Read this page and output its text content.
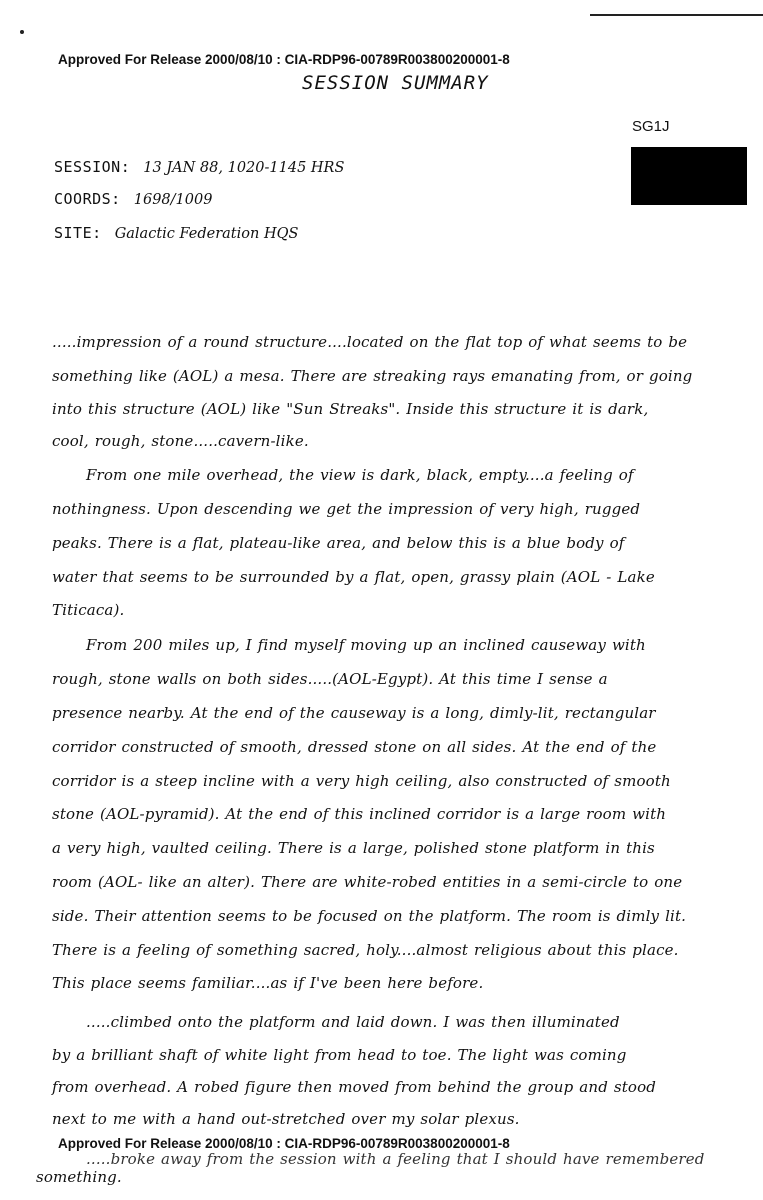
Approved For Release 2000/08/10 : CIA-RDP96-00789R003800200001-8
SESSION SUMMARY
SG1J
SESSION: 13 JAN 88, 1020-1145 HRS
COORDS: 1698/1009
SITE: Galactic Federation HQS
.....impression of a round structure....located on the flat top of what seems to be
something like (AOL) a mesa. There are streaking rays emanating from, or going
into this structure (AOL) like "Sun Streaks". Inside this structure it is dark,
cool, rough, stone.....cavern-like.
From one mile overhead, the view is dark, black, empty....a feeling of
nothingness. Upon descending we get the impression of very high, rugged
peaks. There is a flat, plateau-like area, and below this is a blue body of
water that seems to be surrounded by a flat, open, grassy plain (AOL - Lake
Titicaca).
From 200 miles up, I find myself moving up an inclined causeway with
rough, stone walls on both sides.....(AOL-Egypt). At this time I sense a
presence nearby. At the end of the causeway is a long, dimly-lit, rectangular
corridor constructed of smooth, dressed stone on all sides. At the end of the
corridor is a steep incline with a very high ceiling, also constructed of smooth
stone (AOL-pyramid). At the end of this inclined corridor is a large room with
a very high, vaulted ceiling. There is a large, polished stone platform in this
room (AOL- like an alter). There are white-robed entities in a semi-circle to one
side. Their attention seems to be focused on the platform. The room is dimly lit.
There is a feeling of something sacred, holy....almost religious about this place.
This place seems familiar....as if I've been here before.
.....climbed onto the platform and laid down. I was then illuminated
by a brilliant shaft of white light from head to toe. The light was coming
from overhead. A robed figure then moved from behind the group and stood
next to me with a hand out-stretched over my solar plexus.
.....broke away from the session with a feeling that I should have remembered
something.
Approved For Release 2000/08/10 : CIA-RDP96-00789R003800200001-8
